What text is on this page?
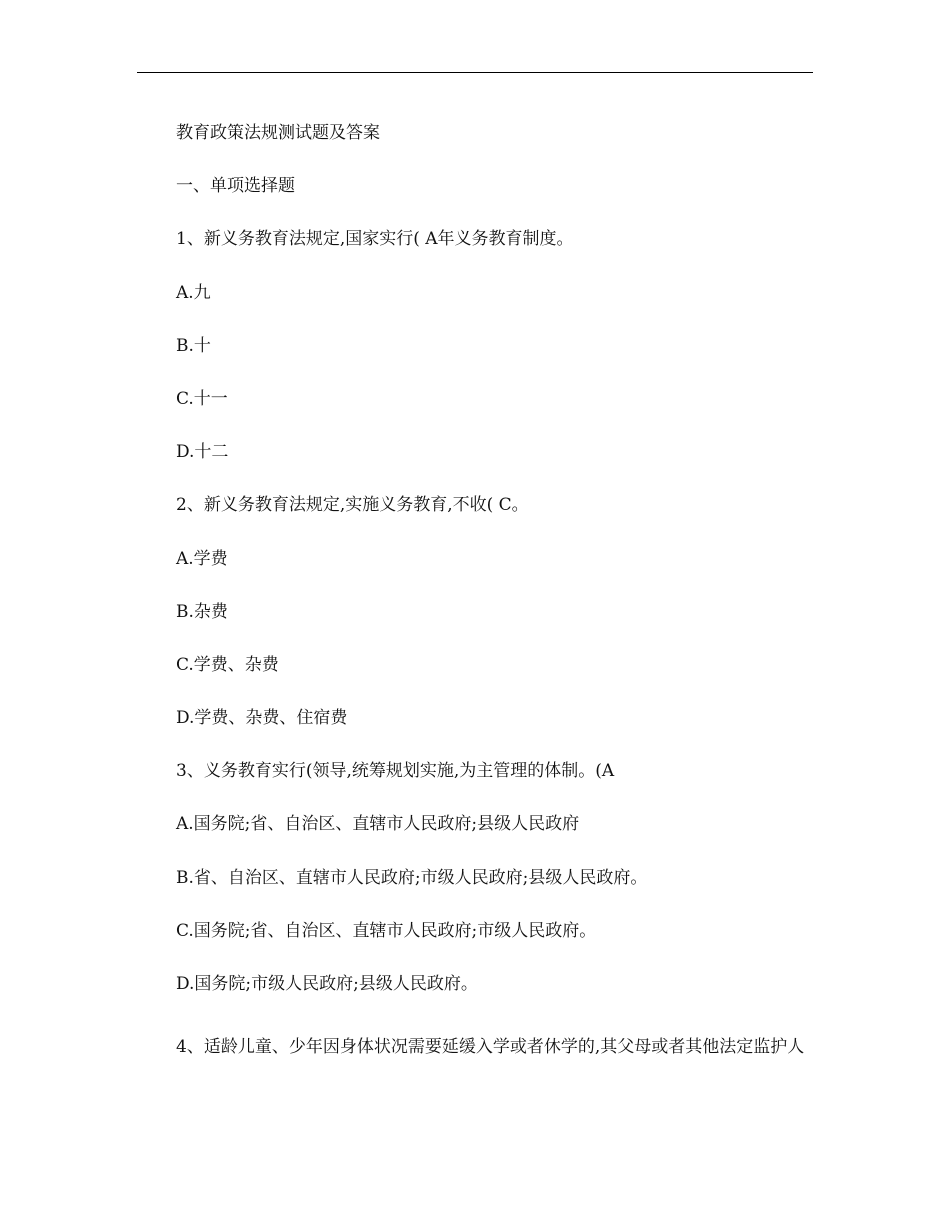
教育政策法规测试题及答案
一、单项选择题
1、新义务教育法规定,国家实行( A年义务教育制度。
A.九
B.十
C.十一
D.十二
2、新义务教育法规定,实施义务教育,不收( C。
A.学费
B.杂费
C.学费、杂费
D.学费、杂费、住宿费
3、义务教育实行(领导,统筹规划实施,为主管理的体制。(A
A.国务院;省、自治区、直辖市人民政府;县级人民政府
B.省、自治区、直辖市人民政府;市级人民政府;县级人民政府。
C.国务院;省、自治区、直辖市人民政府;市级人民政府。
D.国务院;市级人民政府;县级人民政府。

4、适龄儿童、少年因身体状况需要延缓入学或者休学的,其父母或者其他法定监护人
